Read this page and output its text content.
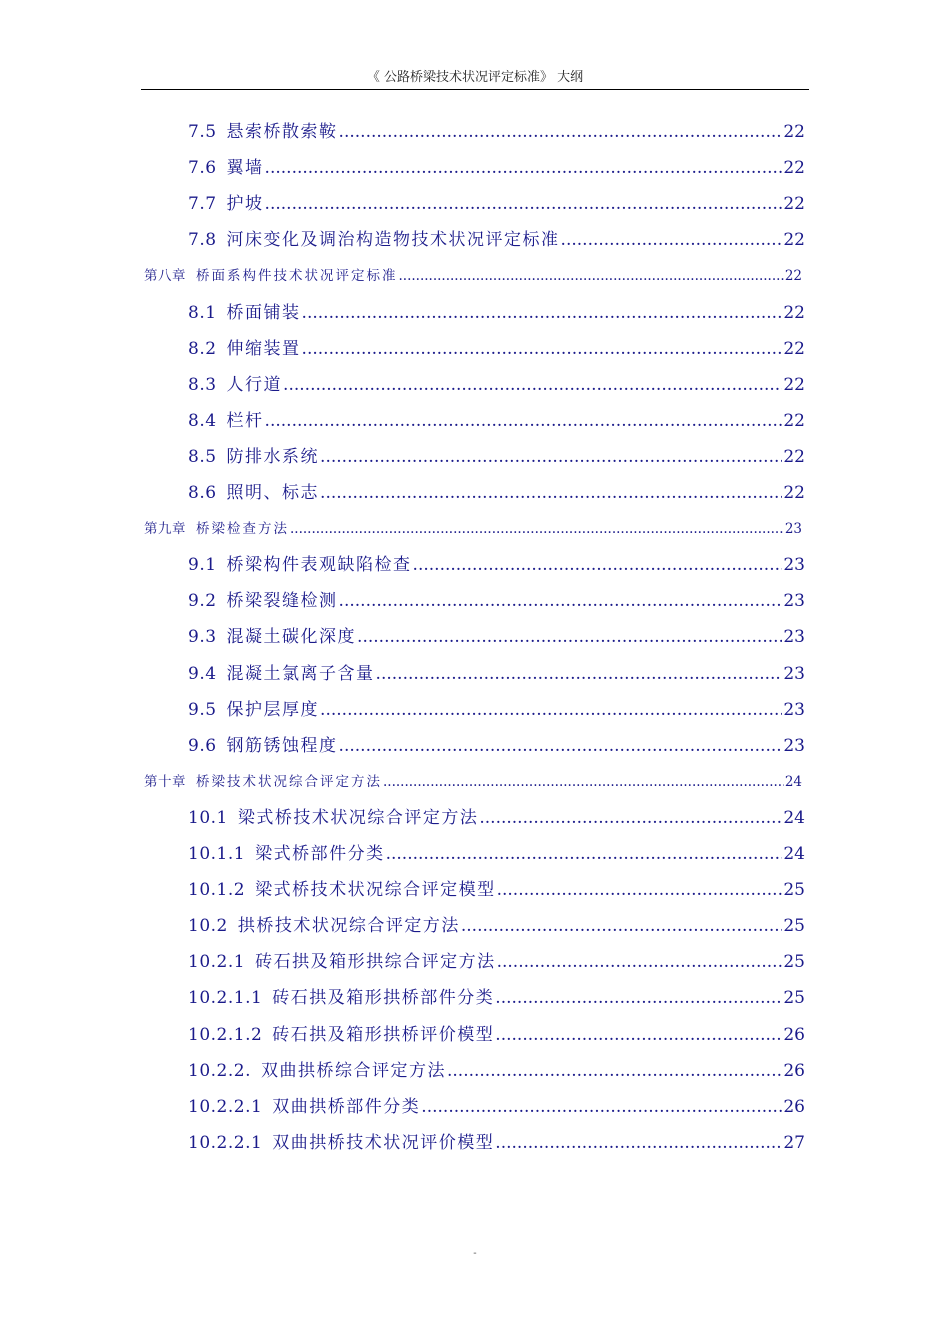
《 公路桥梁技术状况评定标准》 大纲
7.5 悬索桥散索鞍 .....	22
7.6 翼墙 .....	22
7.7 护坡 .....	22
7.8 河床变化及调治构造物技术状况评定标准 .....	22
第八章 桥面系构件技术状况评定标准 .....	22
8.1 桥面铺装 .....	22
8.2 伸缩装置 .....	22
8.3 人行道 .....	22
8.4 栏杆 .....	22
8.5 防排水系统 .....	22
8.6 照明、标志 .....	22
第九章 桥梁检查方法 .....	23
9.1 桥梁构件表观缺陷检查 .....	23
9.2 桥梁裂缝检测 .....	23
9.3 混凝土碳化深度 .....	23
9.4 混凝土氯离子含量 .....	23
9.5 保护层厚度 .....	23
9.6 钢筋锈蚀程度 .....	23
第十章 桥梁技术状况综合评定方法 .....	24
10.1 梁式桥技术状况综合评定方法 .....	24
10.1.1 梁式桥部件分类 .....	24
10.1.2 梁式桥技术状况综合评定模型 .....	25
10.2 拱桥技术状况综合评定方法 .....	25
10.2.1 砖石拱及箱形拱综合评定方法 .....	25
10.2.1.1 砖石拱及箱形拱桥部件分类 .....	25
10.2.1.2 砖石拱及箱形拱桥评价模型 .....	26
10.2.2. 双曲拱桥综合评定方法 .....	26
10.2.2.1 双曲拱桥部件分类 .....	26
10.2.2.1 双曲拱桥技术状况评价模型 .....	27
-
